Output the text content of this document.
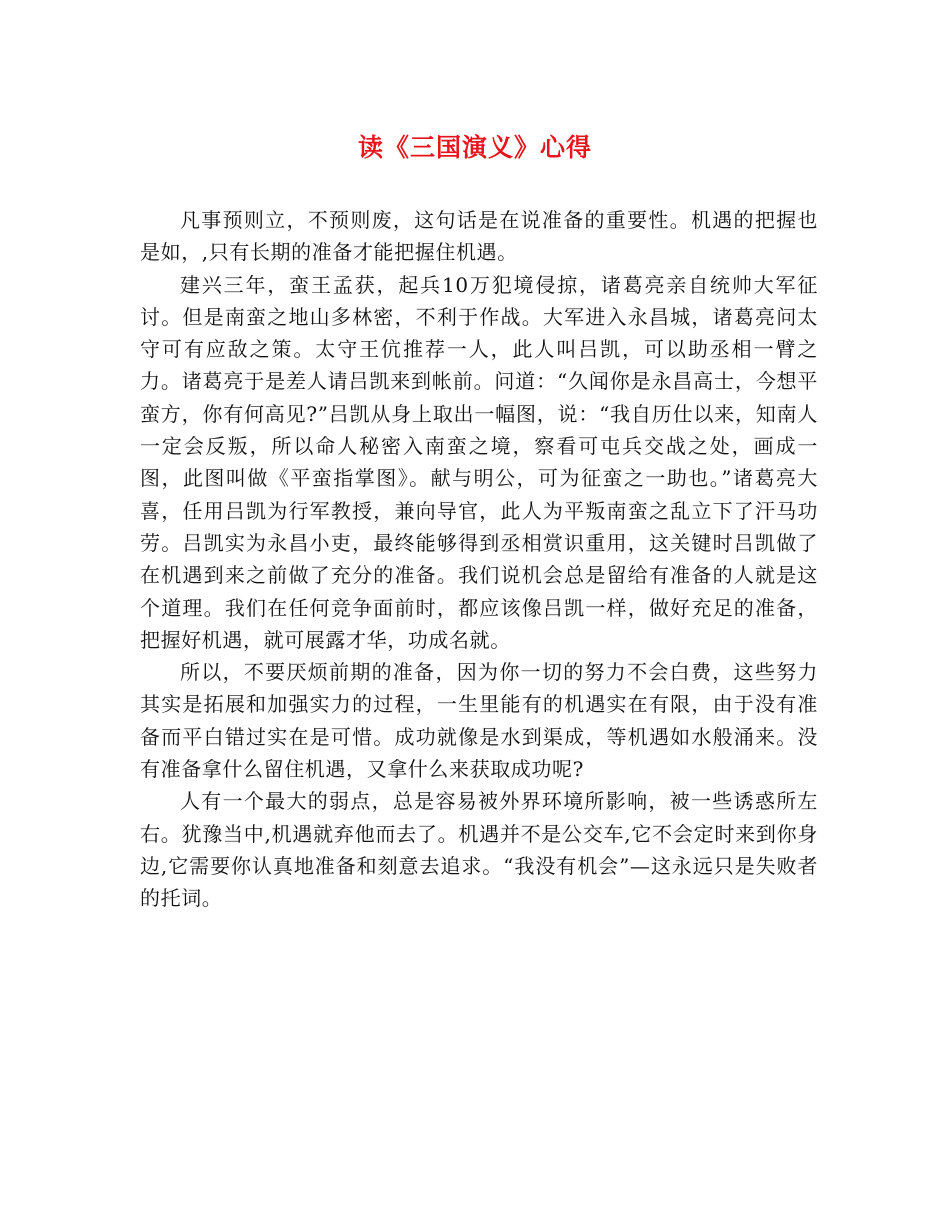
读《三国演义》心得

凡事预则立，不预则废，这句话是在说准备的重要性。机遇的把握也是如，,只有长期的准备才能把握住机遇。

建兴三年，蛮王孟获，起兵10万犯境侵掠，诸葛亮亲自统帅大军征讨。但是南蛮之地山多林密，不利于作战。大军进入永昌城，诸葛亮问太守可有应敌之策。太守王伉推荐一人，此人叫吕凯，可以助丞相一臂之力。诸葛亮于是差人请吕凯来到帐前。问道：“久闻你是永昌高士，今想平蛮方，你有何高见?”吕凯从身上取出一幅图，说：“我自历仕以来，知南人一定会反叛，所以命人秘密入南蛮之境，察看可屯兵交战之处，画成一图，此图叫做《平蛮指掌图》。献与明公，可为征蛮之一助也。”诸葛亮大喜，任用吕凯为行军教授，兼向导官，此人为平叛南蛮之乱立下了汗马功劳。吕凯实为永昌小吏，最终能够得到丞相赏识重用，这关键时吕凯做了在机遇到来之前做了充分的准备。我们说机会总是留给有准备的人就是这个道理。我们在任何竞争面前时，都应该像吕凯一样，做好充足的准备，把握好机遇，就可展露才华，功成名就。

所以，不要厌烦前期的准备，因为你一切的努力不会白费，这些努力其实是拓展和加强实力的过程，一生里能有的机遇实在有限，由于没有准备而平白错过实在是可惜。成功就像是水到渠成，等机遇如水般涌来。没有准备拿什么留住机遇，又拿什么来获取成功呢?

人有一个最大的弱点，总是容易被外界环境所影响，被一些诱惑所左右。犹豫当中,机遇就弃他而去了。机遇并不是公交车,它不会定时来到你身边,它需要你认真地准备和刻意去追求。“我没有机会”—这永远只是失败者的托词。
